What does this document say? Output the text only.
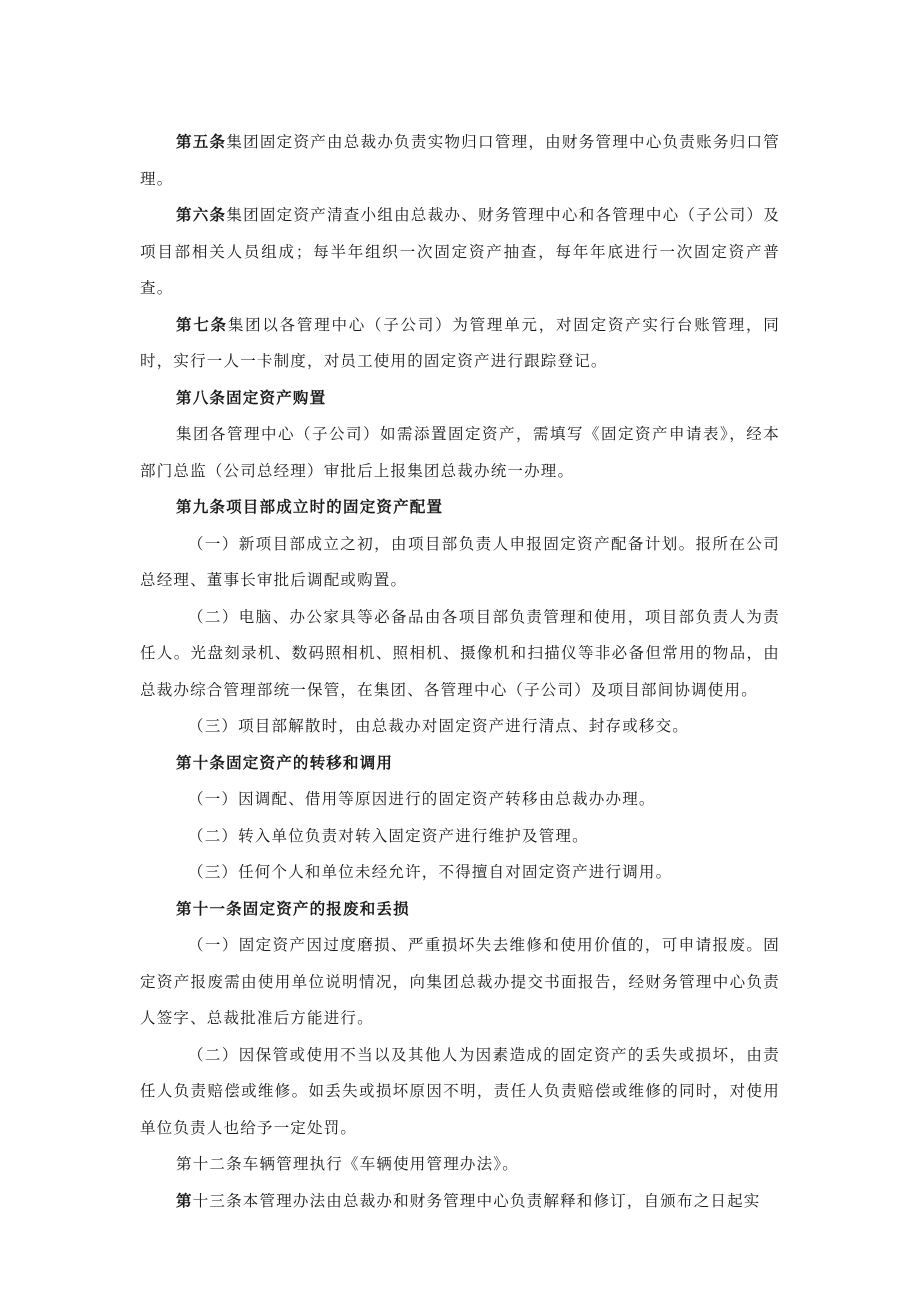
第五条集团固定资产由总裁办负责实物归口管理，由财务管理中心负责账务归口管理。

第六条集团固定资产清查小组由总裁办、财务管理中心和各管理中心（子公司）及项目部相关人员组成；每半年组织一次固定资产抽查，每年年底进行一次固定资产普查。

第七条集团以各管理中心（子公司）为管理单元，对固定资产实行台账管理，同时，实行一人一卡制度，对员工使用的固定资产进行跟踪登记。

第八条固定资产购置

集团各管理中心（子公司）如需添置固定资产，需填写《固定资产申请表》，经本部门总监（公司总经理）审批后上报集团总裁办统一办理。

第九条项目部成立时的固定资产配置

（一）新项目部成立之初，由项目部负责人申报固定资产配备计划。报所在公司总经理、董事长审批后调配或购置。

（二）电脑、办公家具等必备品由各项目部负责管理和使用，项目部负责人为责任人。光盘刻录机、数码照相机、照相机、摄像机和扫描仪等非必备但常用的物品，由总裁办综合管理部统一保管，在集团、各管理中心（子公司）及项目部间协调使用。

（三）项目部解散时，由总裁办对固定资产进行清点、封存或移交。

第十条固定资产的转移和调用

（一）因调配、借用等原因进行的固定资产转移由总裁办办理。

（二）转入单位负责对转入固定资产进行维护及管理。

（三）任何个人和单位未经允许，不得擅自对固定资产进行调用。

第十一条固定资产的报废和丢损

（一）固定资产因过度磨损、严重损坏失去维修和使用价值的，可申请报废。固定资产报废需由使用单位说明情况，向集团总裁办提交书面报告，经财务管理中心负责人签字、总裁批准后方能进行。

（二）因保管或使用不当以及其他人为因素造成的固定资产的丢失或损坏，由责任人负责赔偿或维修。如丢失或损坏原因不明，责任人负责赔偿或维修的同时，对使用单位负责人也给予一定处罚。

第十二条车辆管理执行《车辆使用管理办法》。

第十三条本管理办法由总裁办和财务管理中心负责解释和修订，自颁布之日起实
